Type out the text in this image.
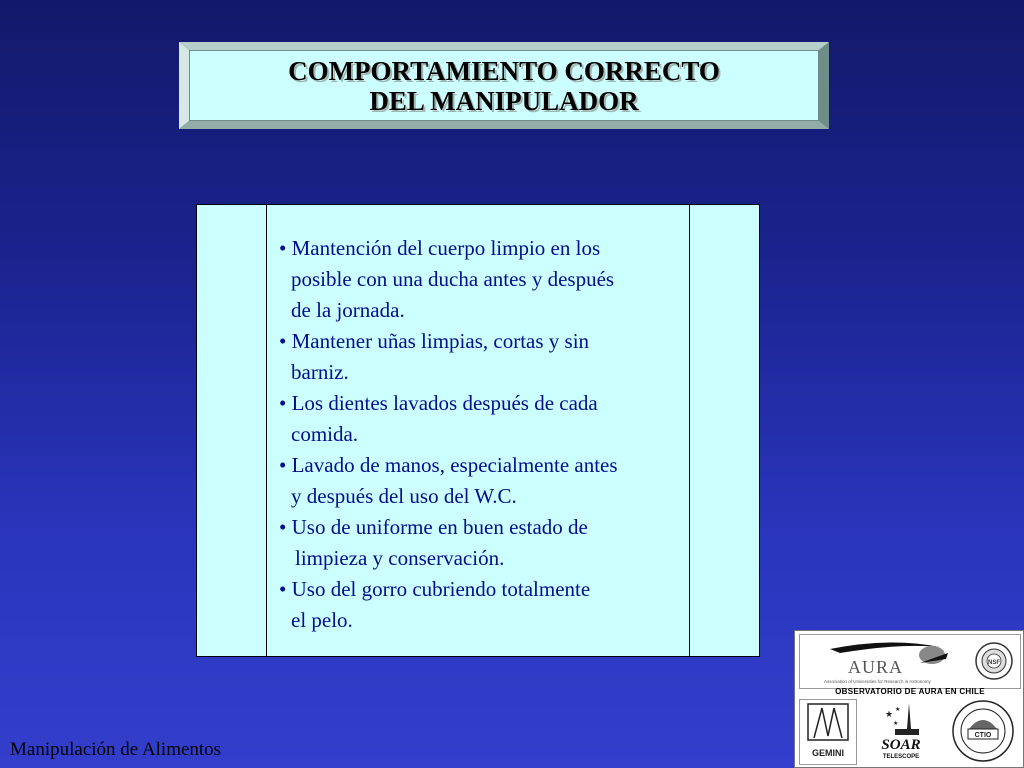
COMPORTAMIENTO CORRECTO
DEL MANIPULADOR
• Mantención del cuerpo limpio en los
posible con una ducha antes y después
de la jornada.
• Mantener uñas limpias, cortas y sin
barniz.
• Los dientes lavados después de cada
comida.
• Lavado de manos, especialmente antes
y después del uso del W.C.
• Uso de uniforme en buen estado de
limpieza y conservación.
• Uso del gorro cubriendo totalmente
el pelo.
Manipulación de Alimentos
AURA
Association of Universities for Research in Astronomy
NSF
OBSERVATORIO DE AURA EN CHILE
GEMINI
★ ★
★
SOAR
TELESCOPE
CTIO
